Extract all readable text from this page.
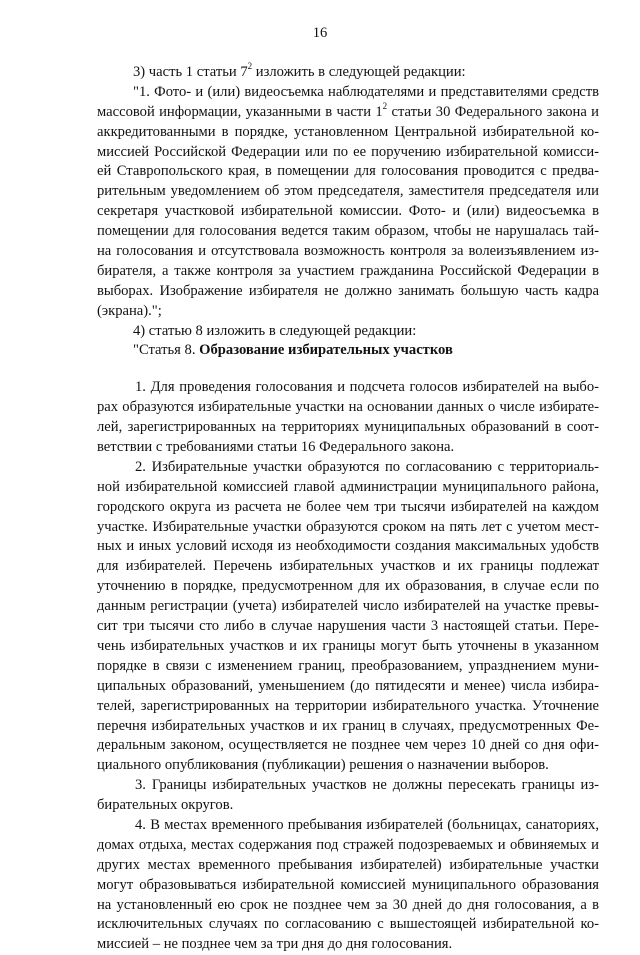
16
3) часть 1 статьи $7^2$ изложить в следующей редакции:
"1. Фото- и (или) видеосъемка наблюдателями и представителями средств
массовой информации, указанными в части $1^2$ статьи 30 Федерального закона и
аккредитованными в порядке, установленном Центральной избирательной ко-
миссией Российской Федерации или по ее поручению избирательной комисси-
ей Ставропольского края, в помещении для голосования проводится с предва-
рительным уведомлением об этом председателя, заместителя председателя или
секретаря участковой избирательной комиссии. Фото- и (или) видеосъемка в
помещении для голосования ведется таким образом, чтобы не нарушалась тай-
на голосования и отсутствовала возможность контроля за волеизъявлением из-
бирателя, а также контроля за участием гражданина Российской Федерации в
выборах. Изображение избирателя не должно занимать большую часть кадра
(экрана).";
4) статью 8 изложить в следующей редакции:
"Статья 8. Образование избирательных участков
1. Для проведения голосования и подсчета голосов избирателей на выбо-
рах образуются избирательные участки на основании данных о числе избирате-
лей, зарегистрированных на территориях муниципальных образований в соот-
ветствии с требованиями статьи 16 Федерального закона.
2. Избирательные участки образуются по согласованию с территориаль-
ной избирательной комиссией главой администрации муниципального района,
городского округа из расчета не более чем три тысячи избирателей на каждом
участке. Избирательные участки образуются сроком на пять лет с учетом мест-
ных и иных условий исходя из необходимости создания максимальных удобств
для избирателей. Перечень избирательных участков и их границы подлежат
уточнению в порядке, предусмотренном для их образования, в случае если по
данным регистрации (учета) избирателей число избирателей на участке превы-
сит три тысячи сто либо в случае нарушения части 3 настоящей статьи. Пере-
чень избирательных участков и их границы могут быть уточнены в указанном
порядке в связи с изменением границ, преобразованием, упразднением муни-
ципальных образований, уменьшением (до пятидесяти и менее) числа избира-
телей, зарегистрированных на территории избирательного участка. Уточнение
перечня избирательных участков и их границ в случаях, предусмотренных Фе-
деральным законом, осуществляется не позднее чем через 10 дней со дня офи-
циального опубликования (публикации) решения о назначении выборов.
3. Границы избирательных участков не должны пересекать границы из-
бирательных округов.
4. В местах временного пребывания избирателей (больницах, санаториях,
домах отдыха, местах содержания под стражей подозреваемых и обвиняемых и
других местах временного пребывания избирателей) избирательные участки
могут образовываться избирательной комиссией муниципального образования
на установленный ею срок не позднее чем за 30 дней до дня голосования, а в
исключительных случаях по согласованию с вышестоящей избирательной ко-
миссией – не позднее чем за три дня до дня голосования.
